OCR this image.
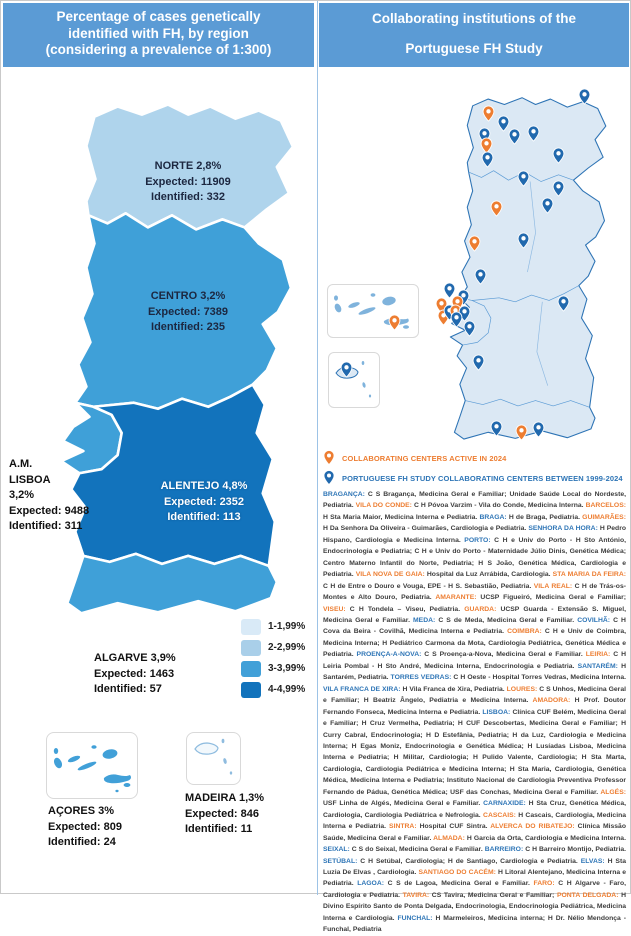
Percentage of cases genetically
identified with FH, by region
(considering a prevalence of 1:300)
Collaborating institutions of the
Portuguese FH Study
NORTE 2,8%
Expected: 11909
Identified: 332
CENTRO 3,2%
Expected: 7389
Identified: 235
A.M.
LISBOA
3,2%
Expected: 9488
Identified: 311
ALENTEJO 4,8%
Expected: 2352
Identified: 113
ALGARVE 3,9%
Expected: 1463
Identified: 57
1-1,99%
2-2,99%
3-3,99%
4-4,99%
AÇORES 3%
Expected: 809
Identified: 24
MADEIRA 1,3%
Expected: 846
Identified: 11
COLLABORATING CENTERS ACTIVE IN 2024
PORTUGUESE FH STUDY COLLABORATING CENTERS BETWEEN 1999-2024
BRAGANÇA: C S Bragança, Medicina Geral e Familiar; Unidade Saúde Local do Nordeste, Pediatria. VILA DO CONDE: C H Póvoa Varzim - Vila do Conde, Medicina Interna. BARCELOS: H Sta Maria Maior, Medicina Interna e Pediatria. BRAGA: H de Braga, Pediatria. GUIMARÃES: H Da Senhora Da Oliveira - Guimarães, Cardiologia e Pediatria. SENHORA DA HORA: H Pedro Hispano, Cardiologia e Medicina Interna. PORTO: C H e Univ do Porto - H Sto António, Endocrinologia e Pediatria; C H e Univ do Porto - Maternidade Júlio Dinis, Genética Médica; Centro Materno Infantil do Norte, Pediatria; H S João, Genética Médica, Cardiologia e Pediatria. VILA NOVA DE GAIA: Hospital da Luz Arrábida, Cardiologia. STA MARIA DA FEIRA: C H de Entre o Douro e Vouga, EPE - H S. Sebastião, Pediatria. VILA REAL: C H de Trás-os-Montes e Alto Douro, Pediatria. AMARANTE: UCSP Figueiró, Medicina Geral e Familiar; VISEU: C H Tondela – Viseu, Pediatria. GUARDA: UCSP Guarda - Extensão S. Miguel, Medicina Geral e Familiar. MEDA: C S de Meda, Medicina Geral e Familiar. COVILHÃ: C H Cova da Beira - Covilhã, Medicina Interna e Pediatria. COIMBRA: C H e Univ de Coimbra, Medicina Interna; H Pediátrico Carmona da Mota, Cardiologia Pediátrica, Genética Médica e Pediatria. PROENÇA-A-NOVA: C S Proença-a-Nova, Medicina Geral e Familiar. LEIRIA: C H Leiria Pombal - H Sto André, Medicina Interna, Endocrinologia e Pediatria. SANTARÉM: H Santarém, Pediatria. TORRES VEDRAS: C H Oeste - Hospital Torres Vedras, Medicina Interna. VILA FRANCA DE XIRA: H Vila Franca de Xira, Pediatria. LOURES: C S Unhos, Medicina Geral e Familiar; H Beatriz Ângelo, Pediatria e Medicina Interna. AMADORA: H Prof. Doutor Fernando Fonseca, Medicina Interna e Pediatria. LISBOA: Clínica CUF Belém, Medicina Geral e Familiar; H Cruz Vermelha, Pediatria; H CUF Descobertas, Medicina Geral e Familiar; H Curry Cabral, Endocrinologia; H D Estefânia, Pediatria; H da Luz, Cardiologia e Medicina Interna; H Egas Moniz, Endocrinologia e Genética Médica; H Lusíadas Lisboa, Medicina Interna e Pediatria; H Militar, Cardiologia; H Pulido Valente, Cardiologia; H Sta Marta, Cardiologia, Cardiologia Pediátrica e Medicina Interna; H Sta Maria, Cardiologia, Genética Médica, Medicina Interna e Pediatria; Instituto Nacional de Cardiologia Preventiva Professor Fernando de Pádua, Genética Médica; USF das Conchas, Medicina Geral e Familiar. ALGÉS: USF Linha de Algés, Medicina Geral e Familiar. CARNAXIDE: H Sta Cruz, Genética Médica, Cardiologia, Cardiologia Pediátrica e Nefrologia. CASCAIS: H Cascais, Cardiologia, Medicina Interna e Pediatria. SINTRA: Hospital CUF Sintra. ALVERCA DO RIBATEJO: Clínica Missão Saúde, Medicina Geral e Familiar. ALMADA: H Garcia da Orta, Cardiologia e Medicina Interna. SEIXAL: C S do Seixal, Medicina Geral e Familiar. BARREIRO: C H Barreiro Montijo, Pediatria. SETÚBAL: C H Setúbal, Cardiologia; H de Santiago, Cardiologia e Pediatria. ELVAS: H Sta Luzia De Elvas , Cardiologia. SANTIAGO DO CACÉM: H Litoral Alentejano, Medicina Interna e Pediatria. LAGOA: C S de Lagoa, Medicina Geral e Familiar. FARO: C H Algarve - Faro, Cardiologia e Pediatria. TAVIRA: CS Tavira, Medicina Geral e Familiar; PONTA DELGADA: H Divino Espírito Santo de Ponta Delgada, Endocrinologia, Endocrinologia Pediátrica, Medicina Interna e Cardiologia. FUNCHAL: H Marmeleiros, Medicina interna; H Dr. Nélio Mendonça - Funchal, Pediatria
